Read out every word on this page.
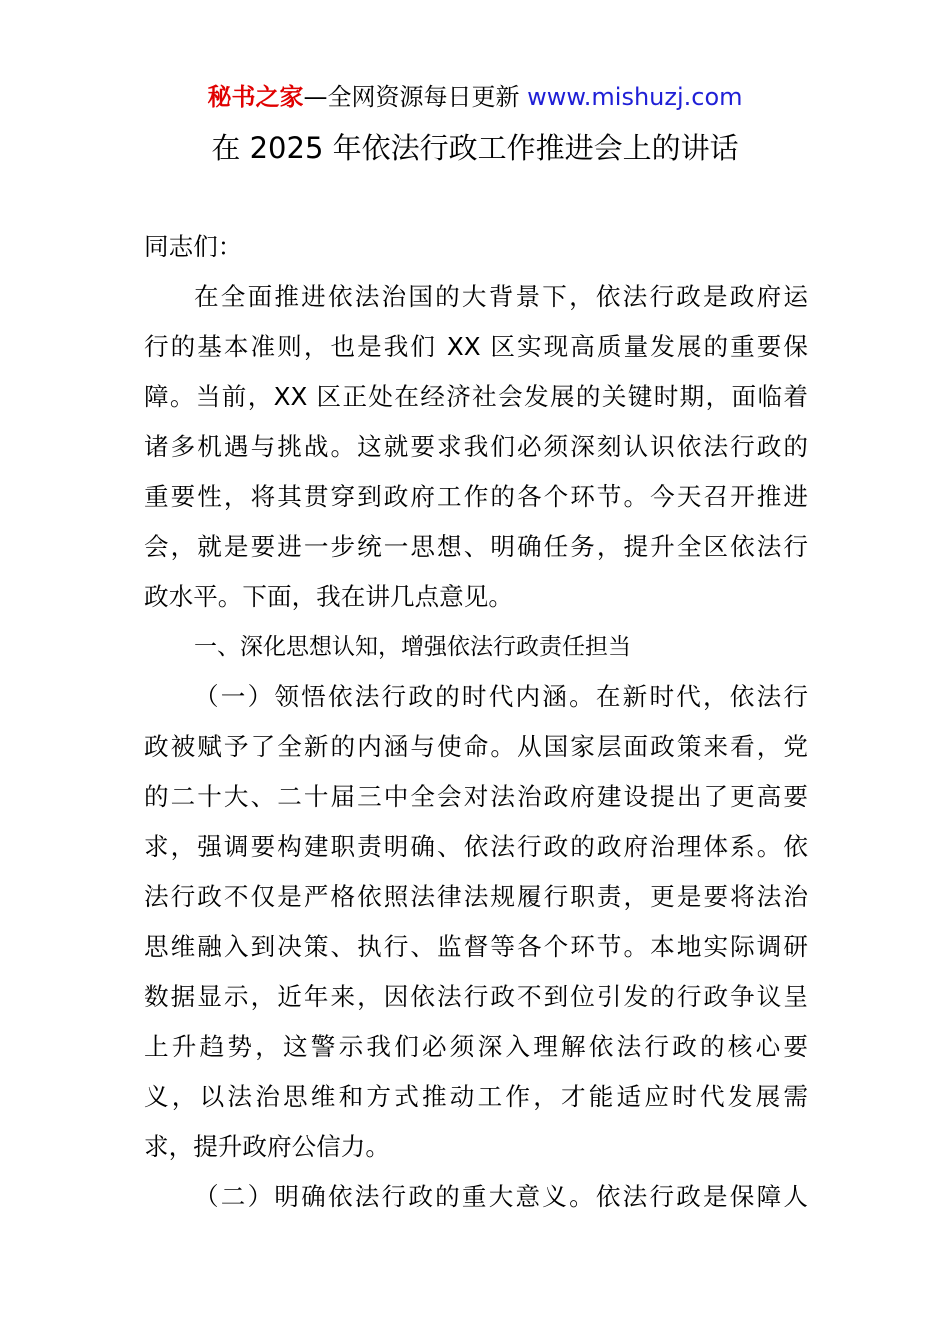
秘书之家—全网资源每日更新 www.mishuzj.com
在 2025 年依法行政工作推进会上的讲话
同志们：
在全面推进依法治国的大背景下，依法行政是政府运
行的基本准则，也是我们 XX 区实现高质量发展的重要保
障。当前，XX 区正处在经济社会发展的关键时期，面临着
诸多机遇与挑战。这就要求我们必须深刻认识依法行政的
重要性，将其贯穿到政府工作的各个环节。今天召开推进
会，就是要进一步统一思想、明确任务，提升全区依法行
政水平。下面，我在讲几点意见。
一、深化思想认知，增强依法行政责任担当
（一）领悟依法行政的时代内涵。在新时代，依法行
政被赋予了全新的内涵与使命。从国家层面政策来看，党
的二十大、二十届三中全会对法治政府建设提出了更高要
求，强调要构建职责明确、依法行政的政府治理体系。依
法行政不仅是严格依照法律法规履行职责，更是要将法治
思维融入到决策、执行、监督等各个环节。本地实际调研
数据显示，近年来，因依法行政不到位引发的行政争议呈
上升趋势，这警示我们必须深入理解依法行政的核心要
义，以法治思维和方式推动工作，才能适应时代发展需
求，提升政府公信力。
（二）明确依法行政的重大意义。依法行政是保障人
